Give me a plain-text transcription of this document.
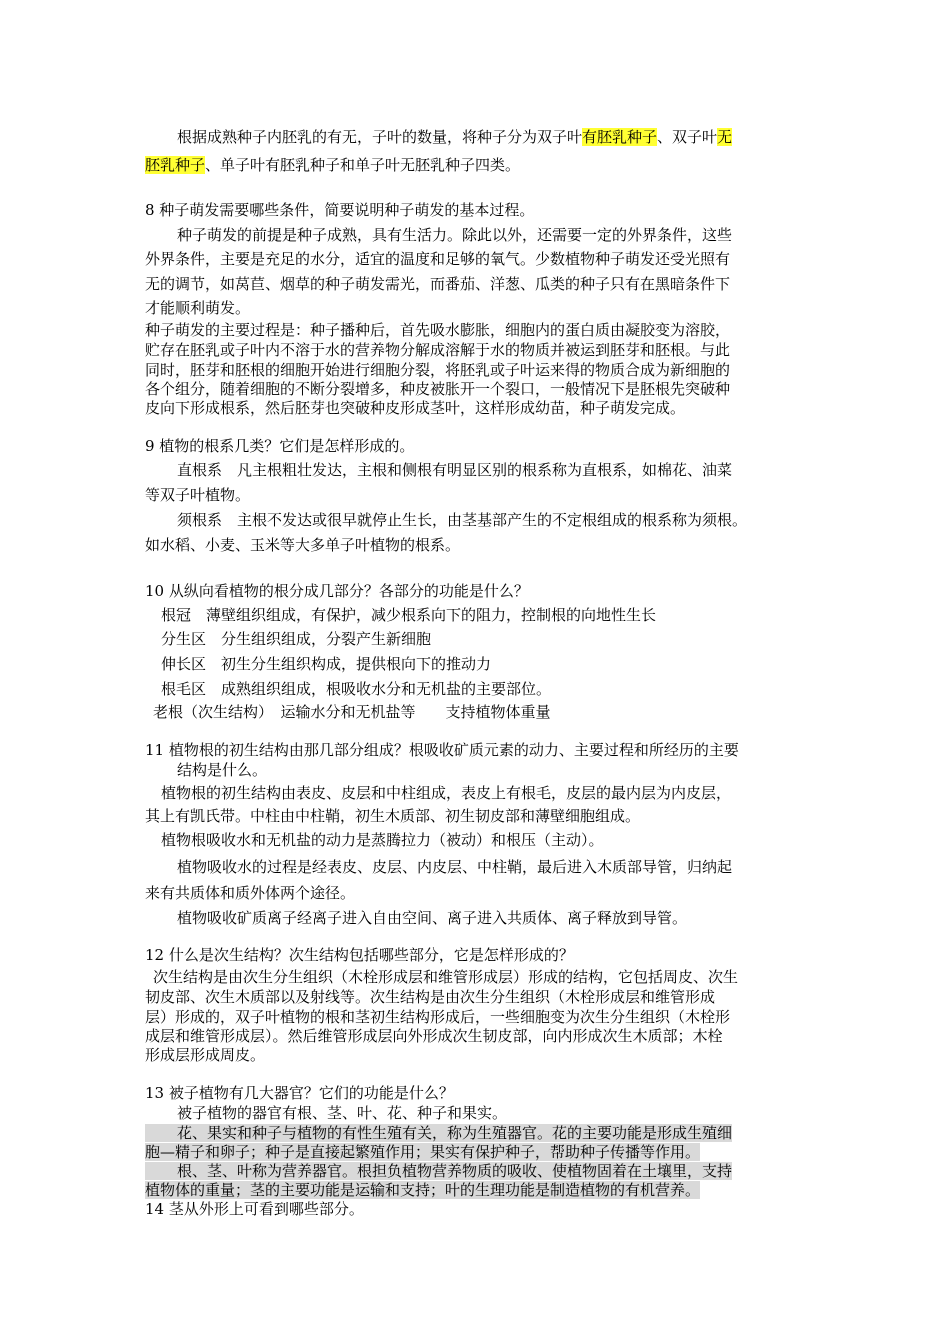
根据成熟种子内胚乳的有无，子叶的数量，将种子分为双子叶有胚乳种子、双子叶无
胚乳种子、单子叶有胚乳种子和单子叶无胚乳种子四类。
8 种子萌发需要哪些条件，简要说明种子萌发的基本过程。
种子萌发的前提是种子成熟，具有生活力。除此以外，还需要一定的外界条件，这些
外界条件，主要是充足的水分，适宜的温度和足够的氧气。少数植物种子萌发还受光照有
无的调节，如莴苣、烟草的种子萌发需光，而番茄、洋葱、瓜类的种子只有在黑暗条件下
才能顺利萌发。
种子萌发的主要过程是：种子播种后，首先吸水膨胀，细胞内的蛋白质由凝胶变为溶胶，
贮存在胚乳或子叶内不溶于水的营养物分解成溶解于水的物质并被运到胚芽和胚根。与此
同时，胚芽和胚根的细胞开始进行细胞分裂，将胚乳或子叶运来得的物质合成为新细胞的
各个组分，随着细胞的不断分裂增多，种皮被胀开一个裂口，一般情况下是胚根先突破种
皮向下形成根系，然后胚芽也突破种皮形成茎叶，这样形成幼苗，种子萌发完成。
9 植物的根系几类？它们是怎样形成的。
直根系　凡主根粗壮发达，主根和侧根有明显区别的根系称为直根系，如棉花、油菜
等双子叶植物。
须根系　主根不发达或很早就停止生长，由茎基部产生的不定根组成的根系称为须根。
如水稻、小麦、玉米等大多单子叶植物的根系。
10 从纵向看植物的根分成几部分？各部分的功能是什么？
根冠　薄壁组织组成，有保护，减少根系向下的阻力，控制根的向地性生长
分生区　分生组织组成，分裂产生新细胞
伸长区　初生分生组织构成，提供根向下的推动力
根毛区　成熟组织组成，根吸收水分和无机盐的主要部位。
老根（次生结构）　运输水分和无机盐等　　支持植物体重量
11 植物根的初生结构由那几部分组成？根吸收矿质元素的动力、主要过程和所经历的主要
结构是什么。
植物根的初生结构由表皮、皮层和中柱组成，表皮上有根毛，皮层的最内层为内皮层，
其上有凯氏带。中柱由中柱鞘，初生木质部、初生韧皮部和薄壁细胞组成。
植物根吸收水和无机盐的动力是蒸腾拉力（被动）和根压（主动）。
植物吸收水的过程是经表皮、皮层、内皮层、中柱鞘，最后进入木质部导管，归纳起
来有共质体和质外体两个途径。
植物吸收矿质离子经离子进入自由空间、离子进入共质体、离子释放到导管。
12 什么是次生结构？次生结构包括哪些部分，它是怎样形成的？
次生结构是由次生分生组织（木栓形成层和维管形成层）形成的结构，它包括周皮、次生
韧皮部、次生木质部以及射线等。次生结构是由次生分生组织（木栓形成层和维管形成
层）形成的，双子叶植物的根和茎初生结构形成后，一些细胞变为次生分生组织（木栓形
成层和维管形成层）。然后维管形成层向外形成次生韧皮部，向内形成次生木质部；木栓
形成层形成周皮。
13 被子植物有几大器官？它们的功能是什么？
被子植物的器官有根、茎、叶、花、种子和果实。
花、果实和种子与植物的有性生殖有关，称为生殖器官。花的主要功能是形成生殖细
胞—精子和卵子；种子是直接起繁殖作用；果实有保护种子，帮助种子传播等作用。
根、茎、叶称为营养器官。根担负植物营养物质的吸收、使植物固着在土壤里，支持
植物体的重量；茎的主要功能是运输和支持；叶的生理功能是制造植物的有机营养。
14 茎从外形上可看到哪些部分。
